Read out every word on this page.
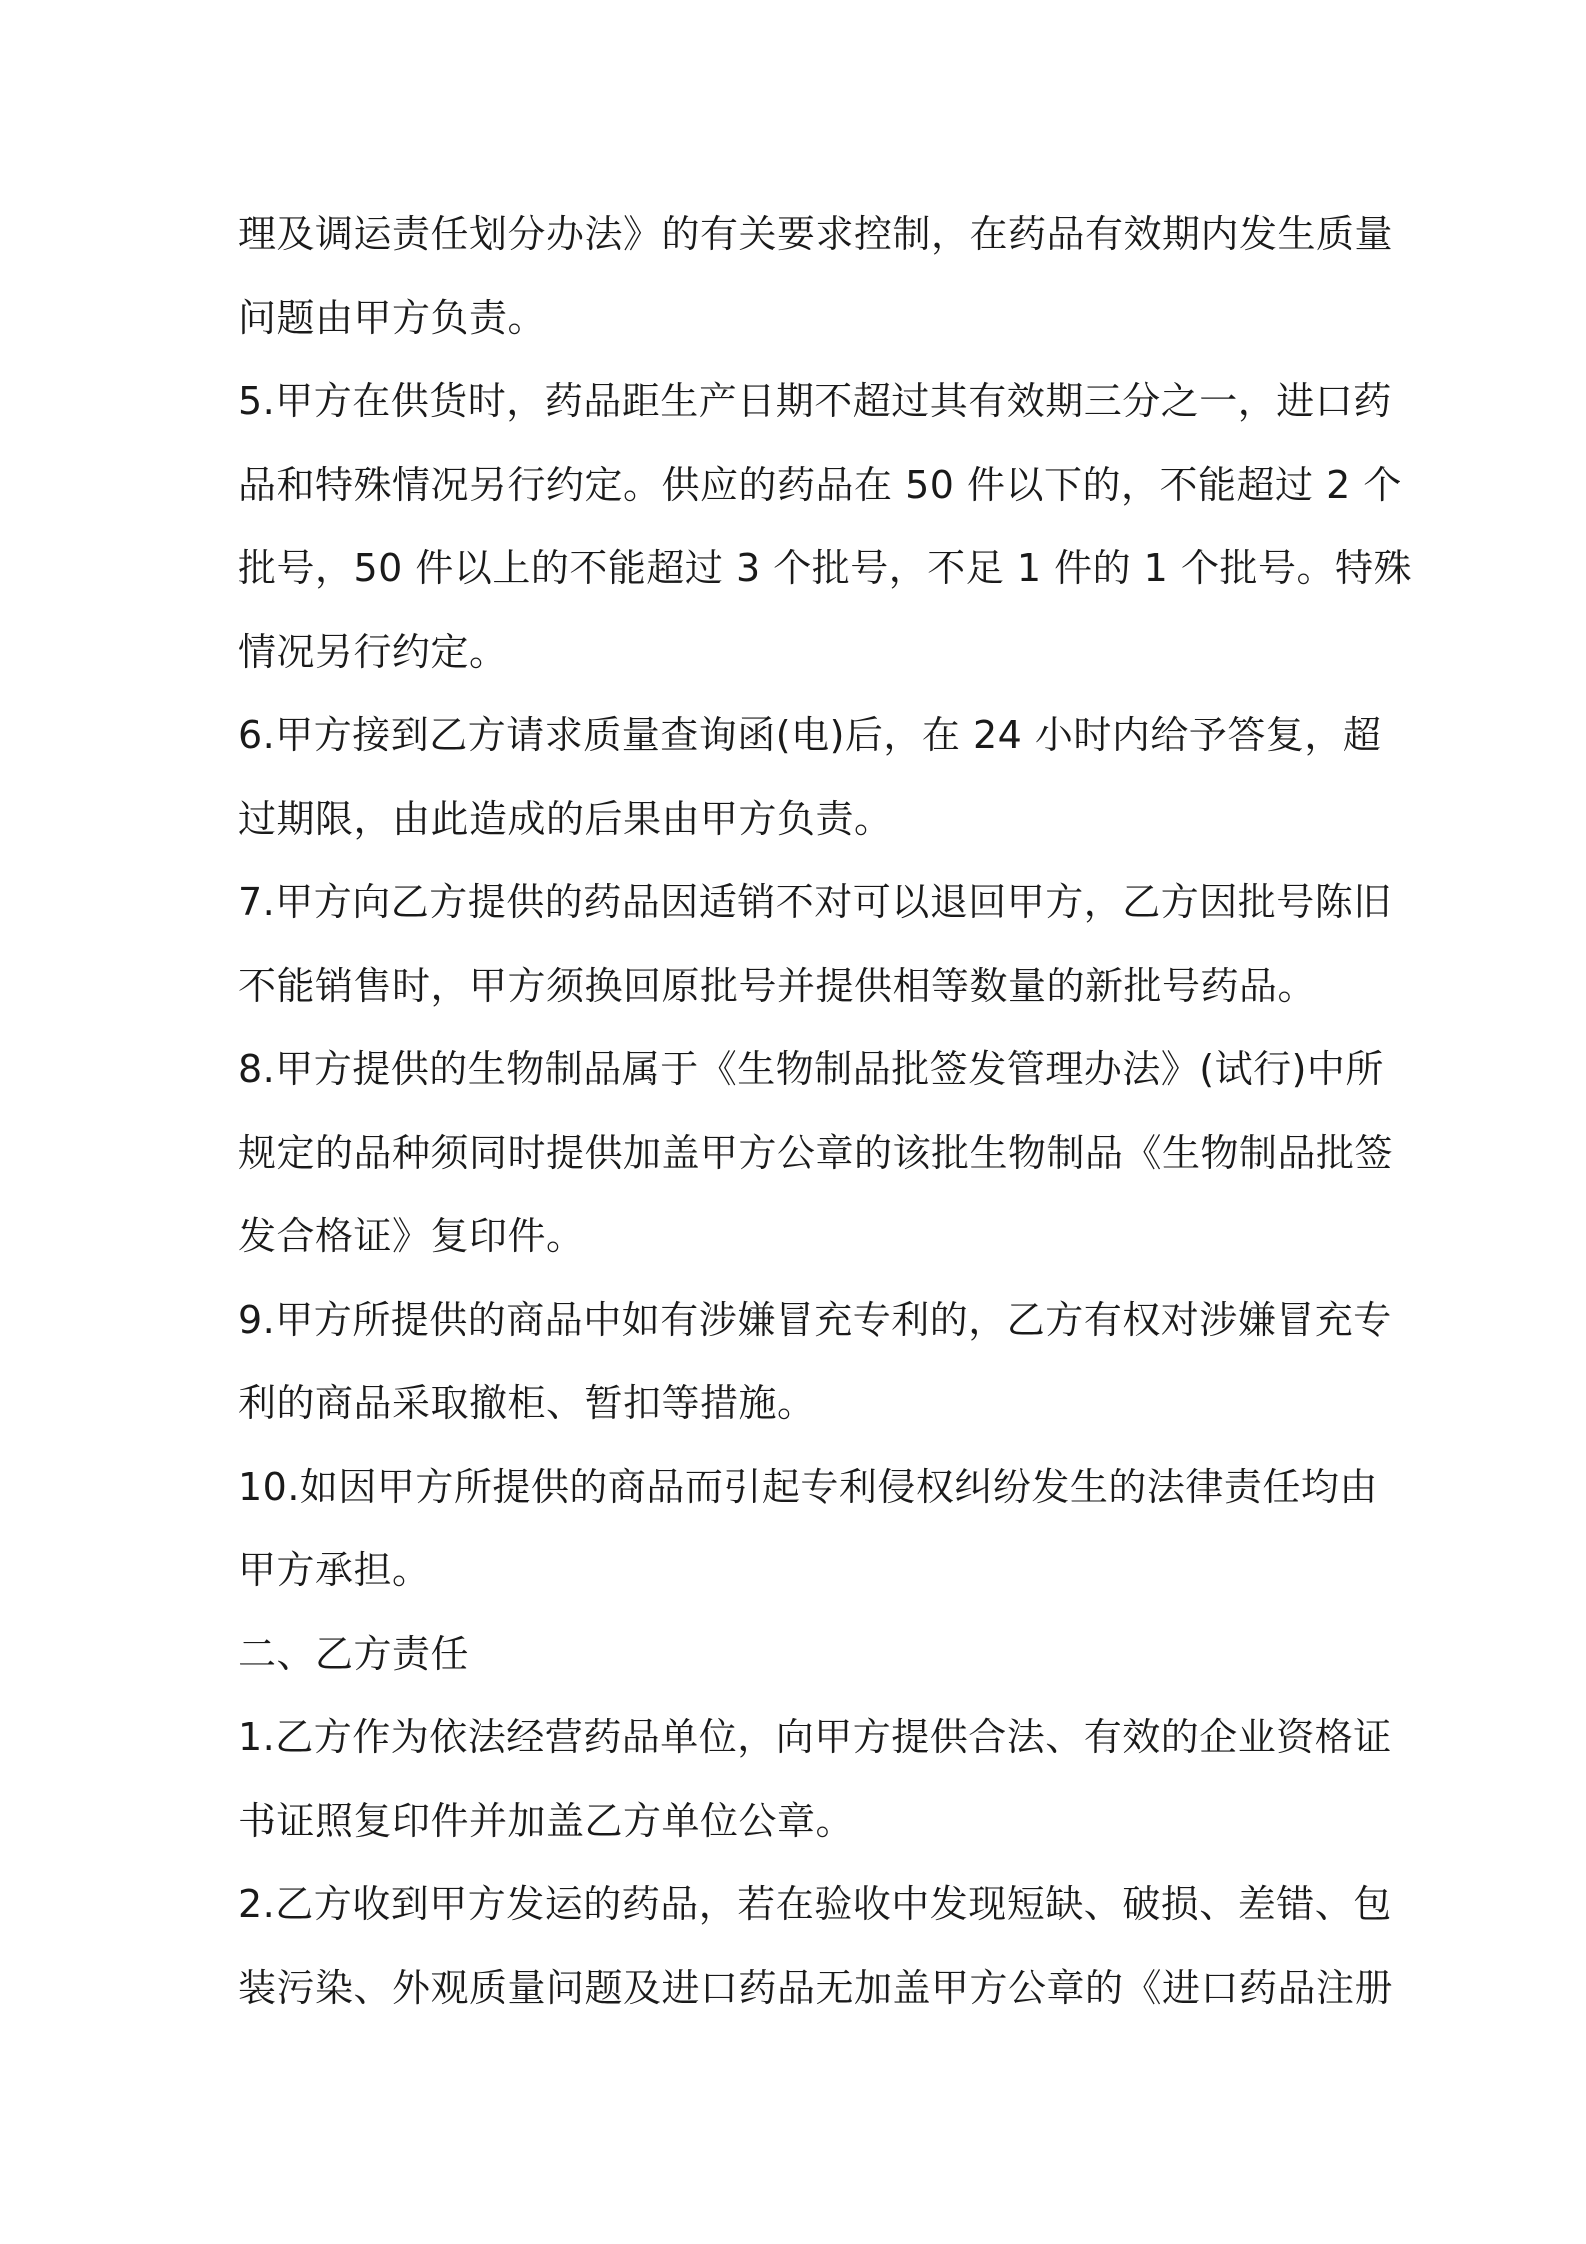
理及调运责任划分办法》的有关要求控制，在药品有效期内发生质量
问题由甲方负责。
5.甲方在供货时，药品距生产日期不超过其有效期三分之一，进口药
品和特殊情况另行约定。供应的药品在 50 件以下的，不能超过 2 个
批号，50 件以上的不能超过 3 个批号，不足 1 件的 1 个批号。特殊
情况另行约定。
6.甲方接到乙方请求质量查询函(电)后，在 24 小时内给予答复，超
过期限，由此造成的后果由甲方负责。
7.甲方向乙方提供的药品因适销不对可以退回甲方，乙方因批号陈旧
不能销售时，甲方须换回原批号并提供相等数量的新批号药品。
8.甲方提供的生物制品属于《生物制品批签发管理办法》(试行)中所
规定的品种须同时提供加盖甲方公章的该批生物制品《生物制品批签
发合格证》复印件。
9.甲方所提供的商品中如有涉嫌冒充专利的，乙方有权对涉嫌冒充专
利的商品采取撤柜、暂扣等措施。
10.如因甲方所提供的商品而引起专利侵权纠纷发生的法律责任均由
甲方承担。
二、乙方责任
1.乙方作为依法经营药品单位，向甲方提供合法、有效的企业资格证
书证照复印件并加盖乙方单位公章。
2.乙方收到甲方发运的药品，若在验收中发现短缺、破损、差错、包
装污染、外观质量问题及进口药品无加盖甲方公章的《进口药品注册
